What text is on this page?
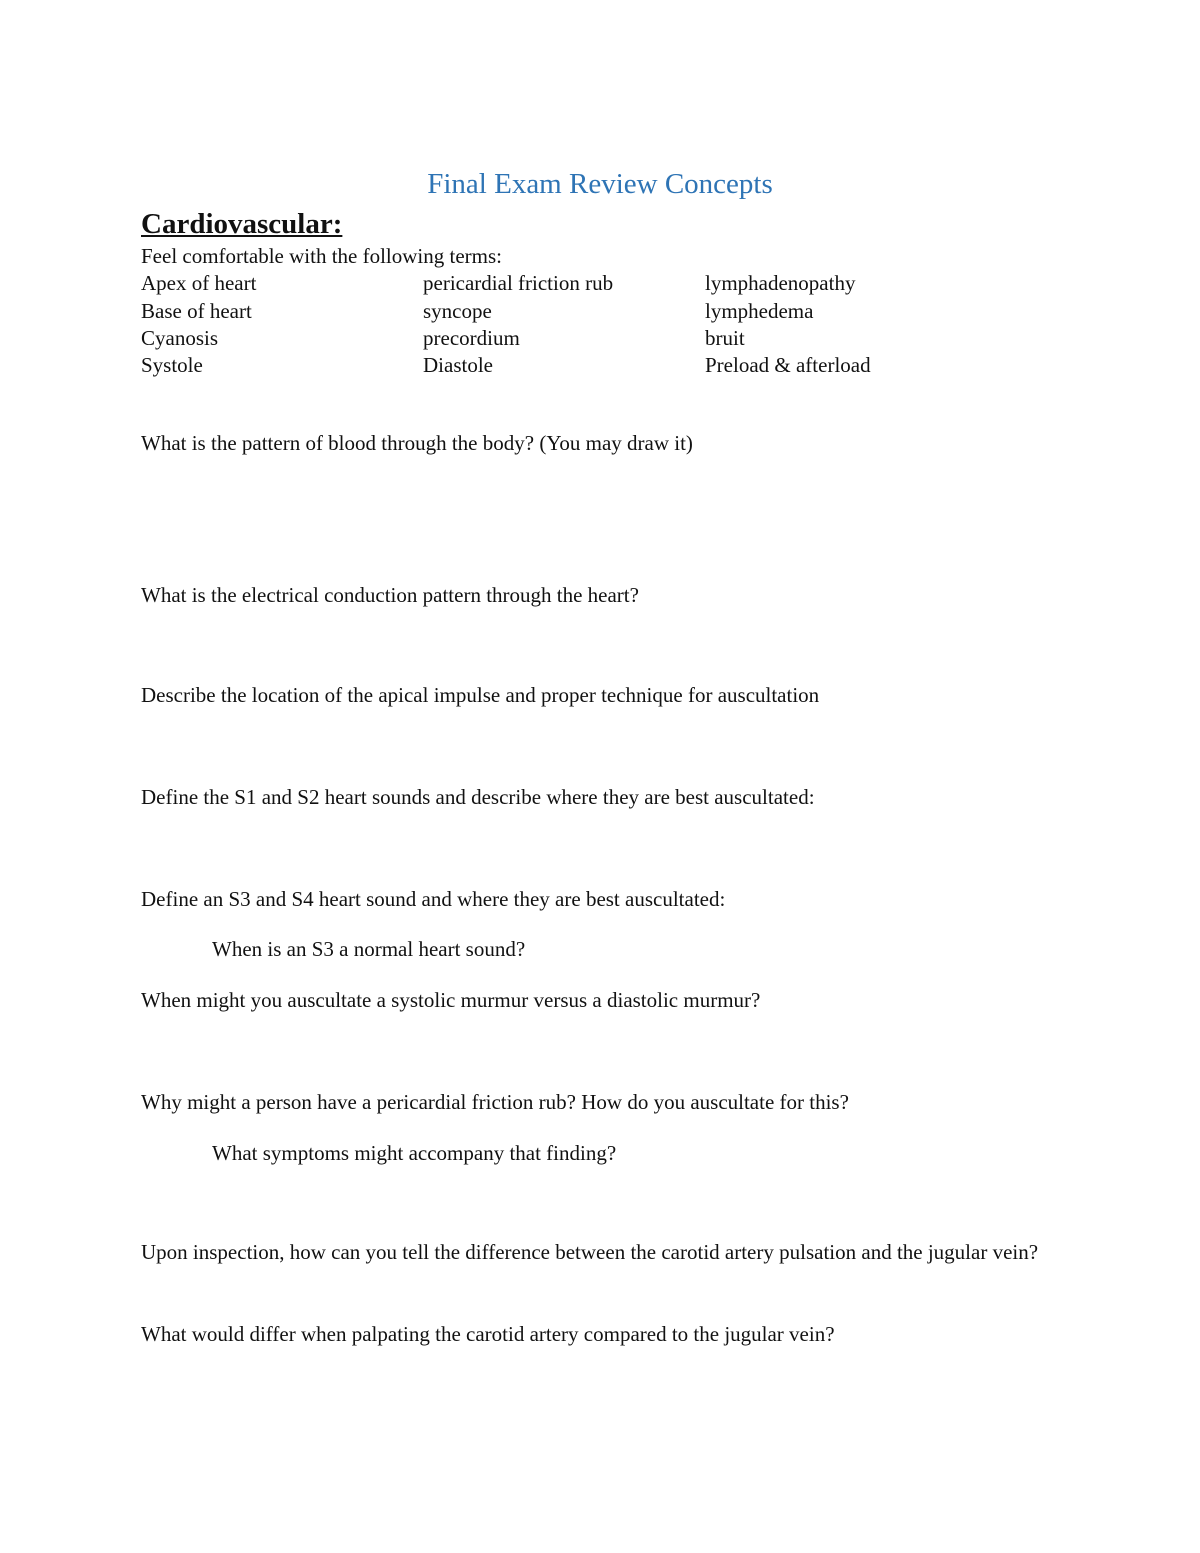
Final Exam Review Concepts
Cardiovascular:
Feel comfortable with the following terms:
Apex of heart	pericardial friction rub	lymphadenopathy
Base of heart	syncope	lymphedema
Cyanosis	precordium	bruit
Systole	Diastole	Preload & afterload
What is the pattern of blood through the body? (You may draw it)
What is the electrical conduction pattern through the heart?
Describe the location of the apical impulse and proper technique for auscultation
Define the S1 and S2 heart sounds and describe where they are best auscultated:
Define an S3 and S4 heart sound and where they are best auscultated:
When is an S3 a normal heart sound?
When might you auscultate a systolic murmur versus a diastolic murmur?
Why might a person have a pericardial friction rub? How do you auscultate for this?
What symptoms might accompany that finding?
Upon inspection, how can you tell the difference between the carotid artery pulsation and the jugular vein?
What would differ when palpating the carotid artery compared to the jugular vein?
